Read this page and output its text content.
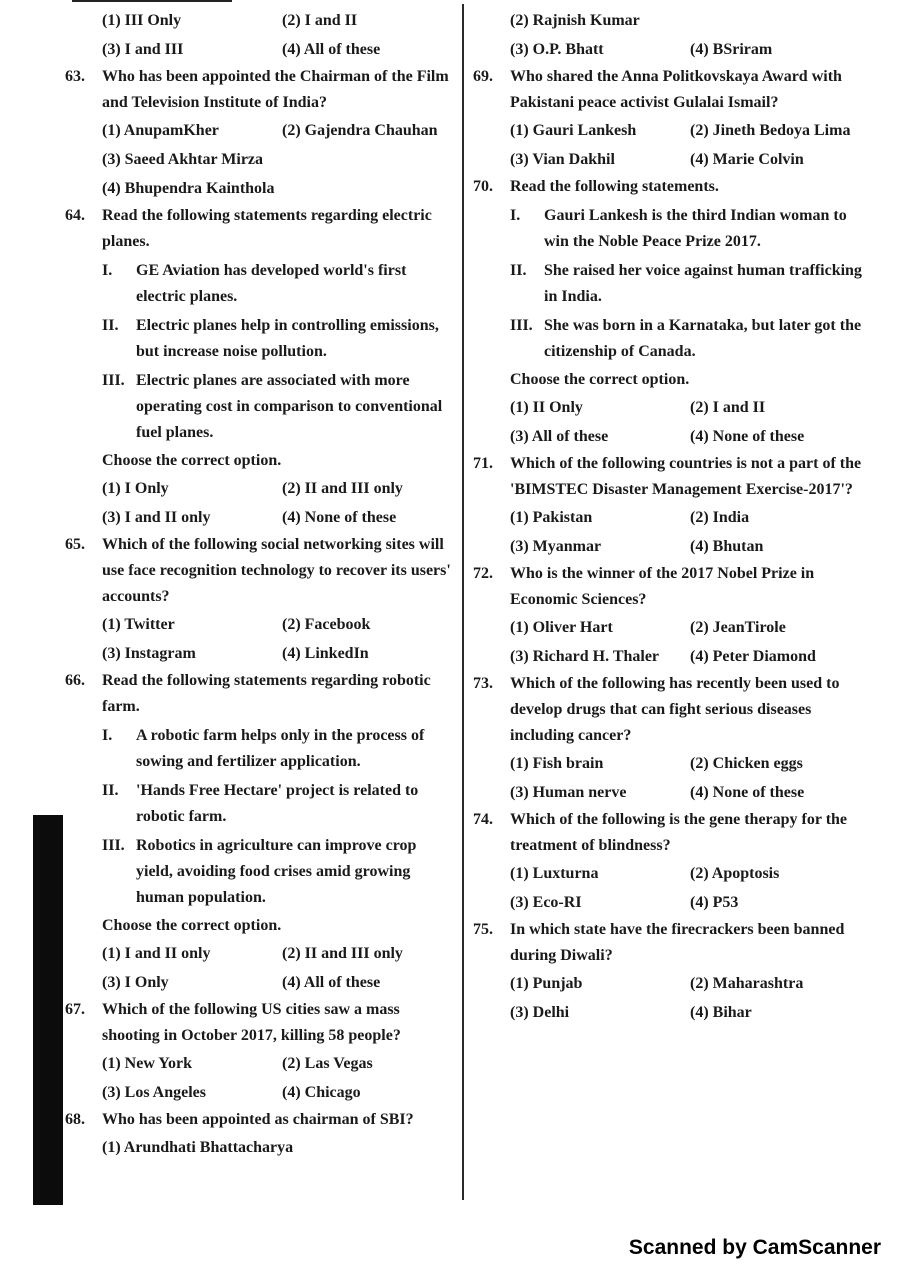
(1) III Only	(2) I and II
(3) I and III	(4) All of these
63. Who has been appointed the Chairman of the Film and Television Institute of India?
(1) AnupamKher	(2) Gajendra Chauhan
(3) Saeed Akhtar Mirza
(4) Bhupendra Kainthola
64. Read the following statements regarding electric planes.
I. GE Aviation has developed world's first electric planes.
II. Electric planes help in controlling emissions, but increase noise pollution.
III. Electric planes are associated with more operating cost in comparison to conventional fuel planes.
Choose the correct option.
(1) I Only	(2) II and III only
(3) I and II only	(4) None of these
65. Which of the following social networking sites will use face recognition technology to recover its users' accounts?
(1) Twitter	(2) Facebook
(3) Instagram	(4) LinkedIn
66. Read the following statements regarding robotic farm.
I. A robotic farm helps only in the process of sowing and fertilizer application.
II. 'Hands Free Hectare' project is related to robotic farm.
III. Robotics in agriculture can improve crop yield, avoiding food crises amid growing human population.
Choose the correct option.
(1) I and II only	(2) II and III only
(3) I Only	(4) All of these
67. Which of the following US cities saw a mass shooting in October 2017, killing 58 people?
(1) New York	(2) Las Vegas
(3) Los Angeles	(4) Chicago
68. Who has been appointed as chairman of SBI?
(1) Arundhati Bhattacharya
(2) Rajnish Kumar
(3) O.P. Bhatt	(4) BSriram
69. Who shared the Anna Politkovskaya Award with Pakistani peace activist Gulalai Ismail?
(1) Gauri Lankesh	(2) Jineth Bedoya Lima
(3) Vian Dakhil	(4) Marie Colvin
70. Read the following statements.
I. Gauri Lankesh is the third Indian woman to win the Noble Peace Prize 2017.
II. She raised her voice against human trafficking in India.
III. She was born in a Karnataka, but later got the citizenship of Canada.
Choose the correct option.
(1) II Only	(2) I and II
(3) All of these	(4) None of these
71. Which of the following countries is not a part of the 'BIMSTEC Disaster Management Exercise-2017'?
(1) Pakistan	(2) India
(3) Myanmar	(4) Bhutan
72. Who is the winner of the 2017 Nobel Prize in Economic Sciences?
(1) Oliver Hart	(2) JeanTirole
(3) Richard H. Thaler	(4) Peter Diamond
73. Which of the following has recently been used to develop drugs that can fight serious diseases including cancer?
(1) Fish brain	(2) Chicken eggs
(3) Human nerve	(4) None of these
74. Which of the following is the gene therapy for the treatment of blindness?
(1) Luxturna	(2) Apoptosis
(3) Eco-RI	(4) P53
75. In which state have the firecrackers been banned during Diwali?
(1) Punjab	(2) Maharashtra
(3) Delhi	(4) Bihar
Scanned by CamScanner
